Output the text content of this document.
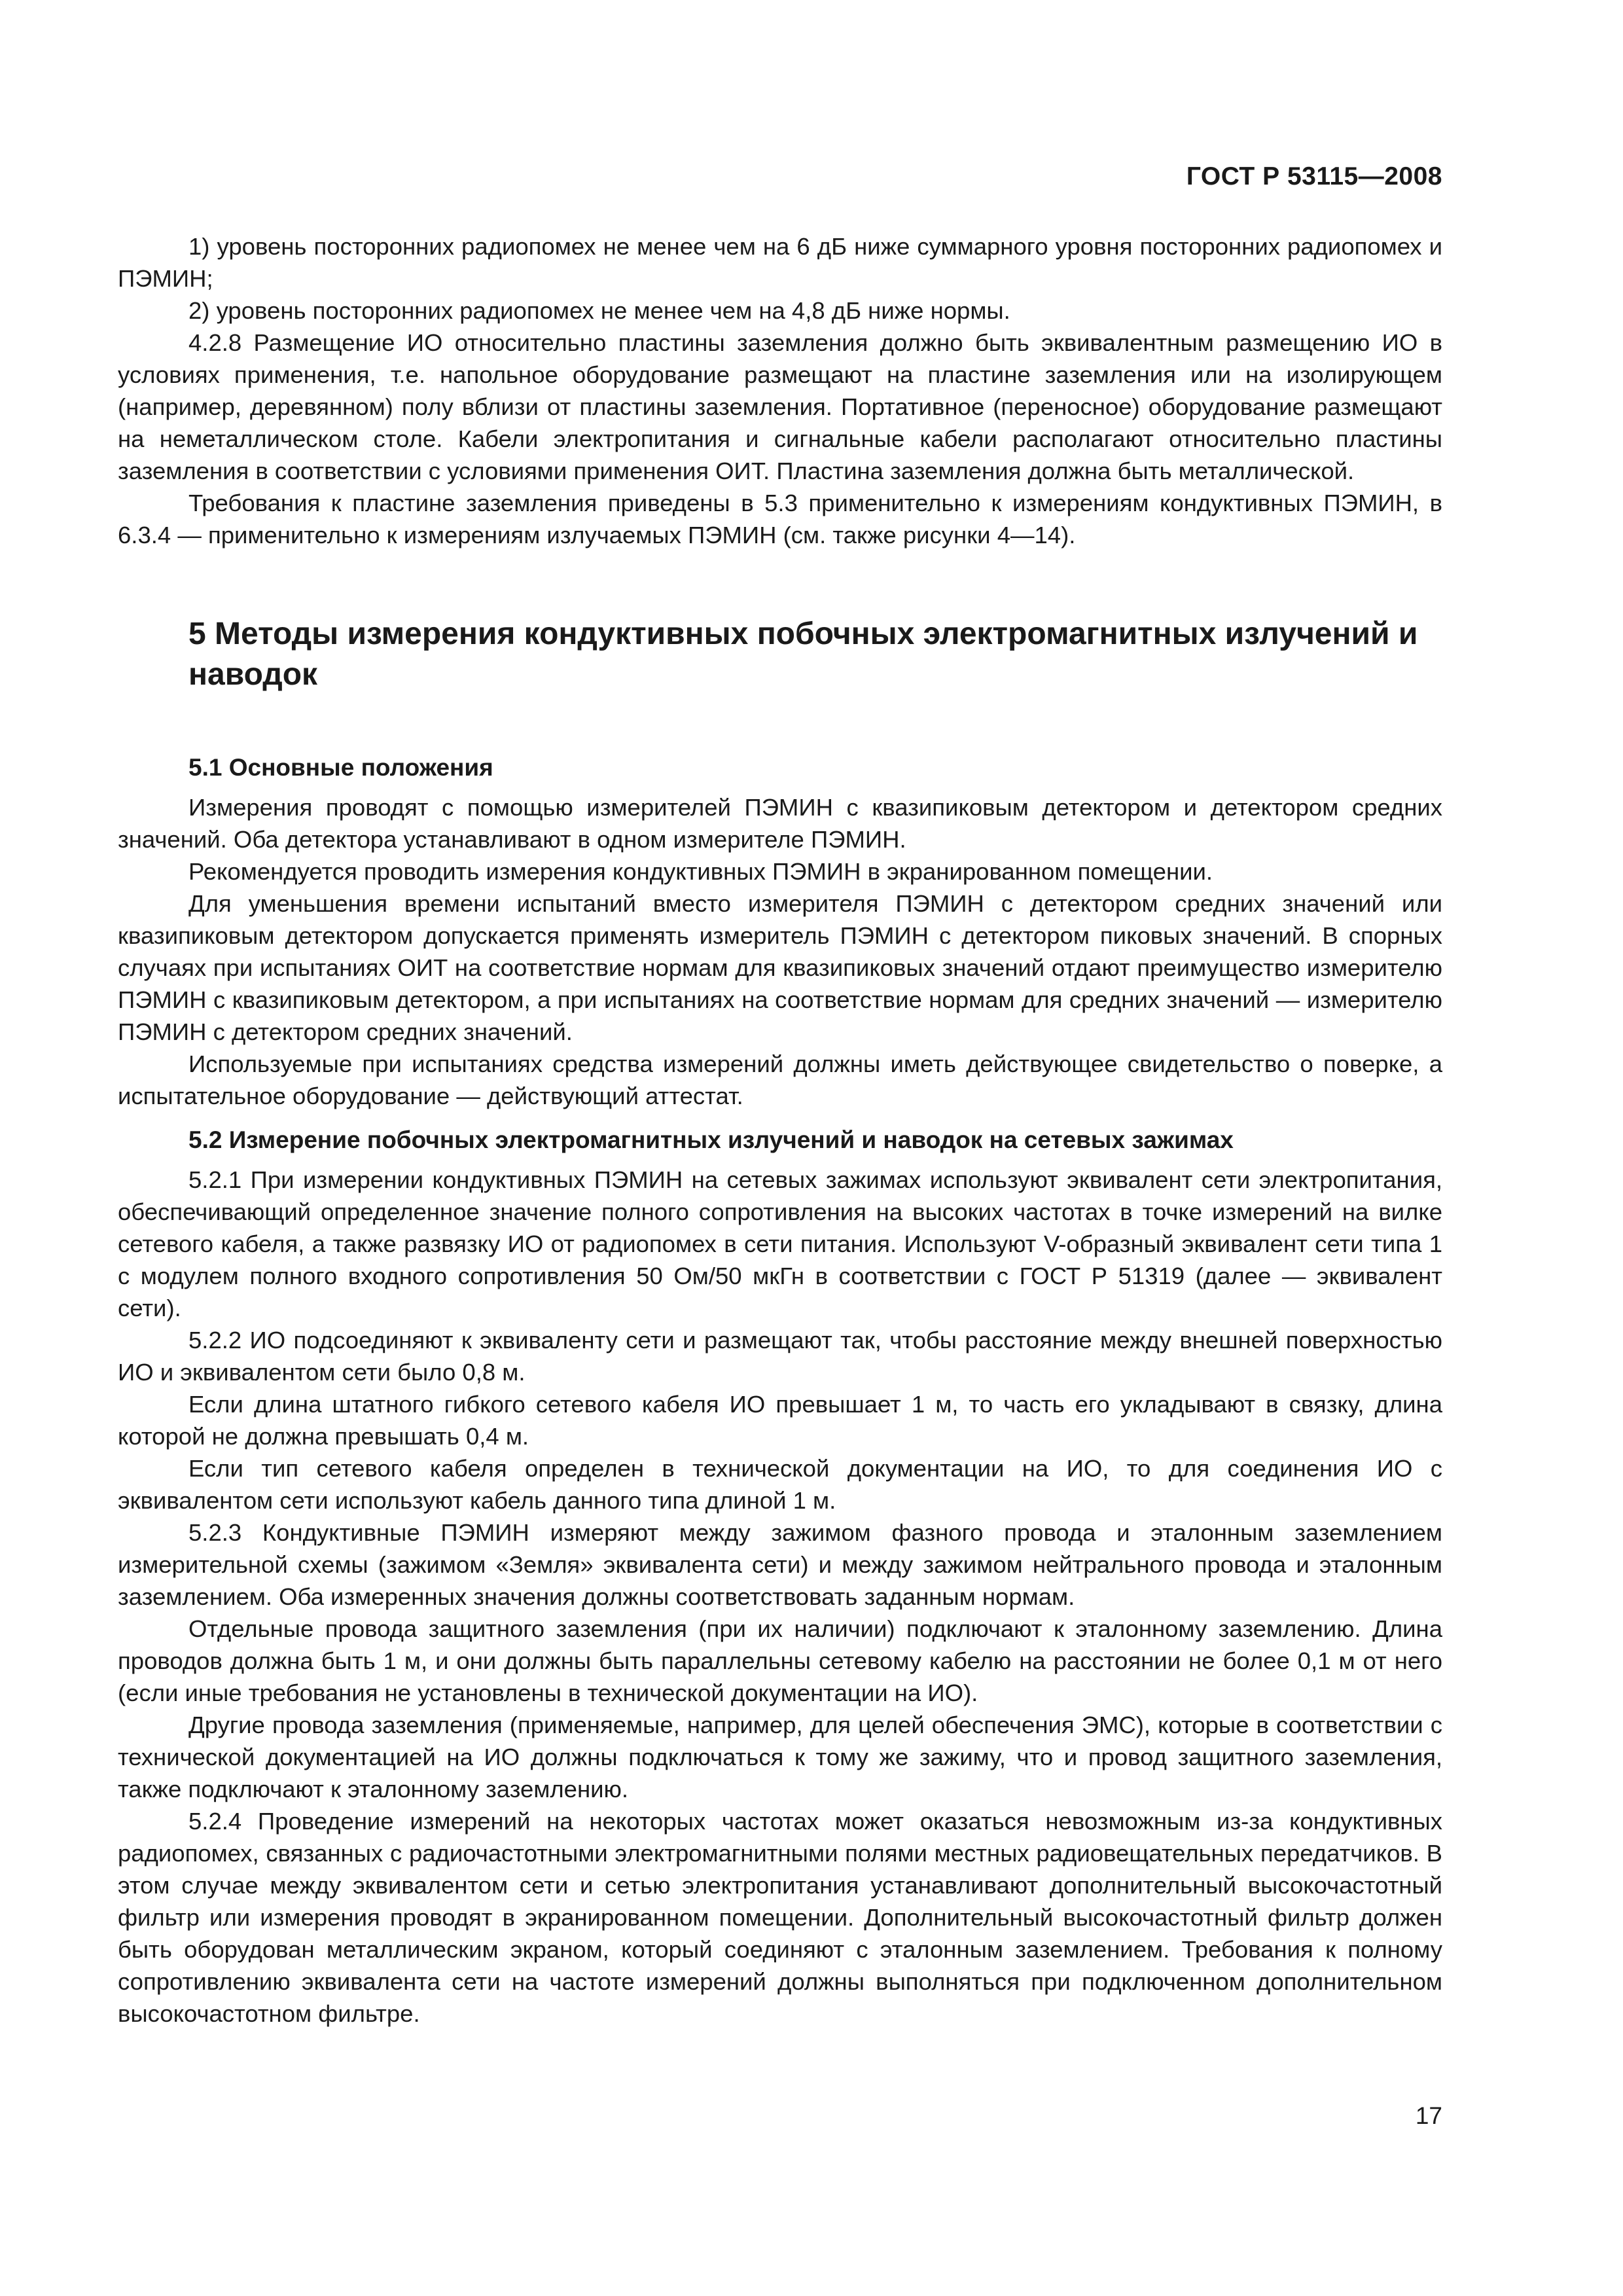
ГОСТ Р 53115—2008

1) уровень посторонних радиопомех не менее чем на 6 дБ ниже суммарного уровня посторонних радиопомех и ПЭМИН;

2) уровень посторонних радиопомех не менее чем на 4,8 дБ ниже нормы.

4.2.8 Размещение ИО относительно пластины заземления должно быть эквивалентным размещению ИО в условиях применения, т.е. напольное оборудование размещают на пластине заземления или на изолирующем (например, деревянном) полу вблизи от пластины заземления. Портативное (переносное) оборудование размещают на неметаллическом столе. Кабели электропитания и сигнальные кабели располагают относительно пластины заземления в соответствии с условиями применения ОИТ. Пластина заземления должна быть металлической.

Требования к пластине заземления приведены в 5.3 применительно к измерениям кондуктивных ПЭМИН, в 6.3.4 — применительно к измерениям излучаемых ПЭМИН (см. также рисунки 4—14).

5 Методы измерения кондуктивных побочных электромагнитных излучений и наводок
5.1 Основные положения

Измерения проводят с помощью измерителей ПЭМИН с квазипиковым детектором и детектором средних значений. Оба детектора устанавливают в одном измерителе ПЭМИН.

Рекомендуется проводить измерения кондуктивных ПЭМИН в экранированном помещении.

Для уменьшения времени испытаний вместо измерителя ПЭМИН с детектором средних значений или квазипиковым детектором допускается применять измеритель ПЭМИН с детектором пиковых значений. В спорных случаях при испытаниях ОИТ на соответствие нормам для квазипиковых значений отдают преимущество измерителю ПЭМИН с квазипиковым детектором, а при испытаниях на соответствие нормам для средних значений — измерителю ПЭМИН с детектором средних значений.

Используемые при испытаниях средства измерений должны иметь действующее свидетельство о поверке, а испытательное оборудование — действующий аттестат.

5.2 Измерение побочных электромагнитных излучений и наводок на сетевых зажимах

5.2.1 При измерении кондуктивных ПЭМИН на сетевых зажимах используют эквивалент сети электропитания, обеспечивающий определенное значение полного сопротивления на высоких частотах в точке измерений на вилке сетевого кабеля, а также развязку ИО от радиопомех в сети питания. Используют V-образный эквивалент сети типа 1 с модулем полного входного сопротивления 50 Ом/50 мкГн в соответствии с ГОСТ Р 51319 (далее — эквивалент сети).

5.2.2 ИО подсоединяют к эквиваленту сети и размещают так, чтобы расстояние между внешней поверхностью ИО и эквивалентом сети было 0,8 м.

Если длина штатного гибкого сетевого кабеля ИО превышает 1 м, то часть его укладывают в связку, длина которой не должна превышать 0,4 м.

Если тип сетевого кабеля определен в технической документации на ИО, то для соединения ИО с эквивалентом сети используют кабель данного типа длиной 1 м.

5.2.3 Кондуктивные ПЭМИН измеряют между зажимом фазного провода и эталонным заземлением измерительной схемы (зажимом «Земля» эквивалента сети) и между зажимом нейтрального провода и эталонным заземлением. Оба измеренных значения должны соответствовать заданным нормам.

Отдельные провода защитного заземления (при их наличии) подключают к эталонному заземлению. Длина проводов должна быть 1 м, и они должны быть параллельны сетевому кабелю на расстоянии не более 0,1 м от него (если иные требования не установлены в технической документации на ИО).

Другие провода заземления (применяемые, например, для целей обеспечения ЭМС), которые в соответствии с технической документацией на ИО должны подключаться к тому же зажиму, что и провод защитного заземления, также подключают к эталонному заземлению.

5.2.4 Проведение измерений на некоторых частотах может оказаться невозможным из-за кондуктивных радиопомех, связанных с радиочастотными электромагнитными полями местных радиовещательных передатчиков. В этом случае между эквивалентом сети и сетью электропитания устанавливают дополнительный высокочастотный фильтр или измерения проводят в экранированном помещении. Дополнительный высокочастотный фильтр должен быть оборудован металлическим экраном, который соединяют с эталонным заземлением. Требования к полному сопротивлению эквивалента сети на частоте измерений должны выполняться при подключенном дополнительном высокочастотном фильтре.

17
